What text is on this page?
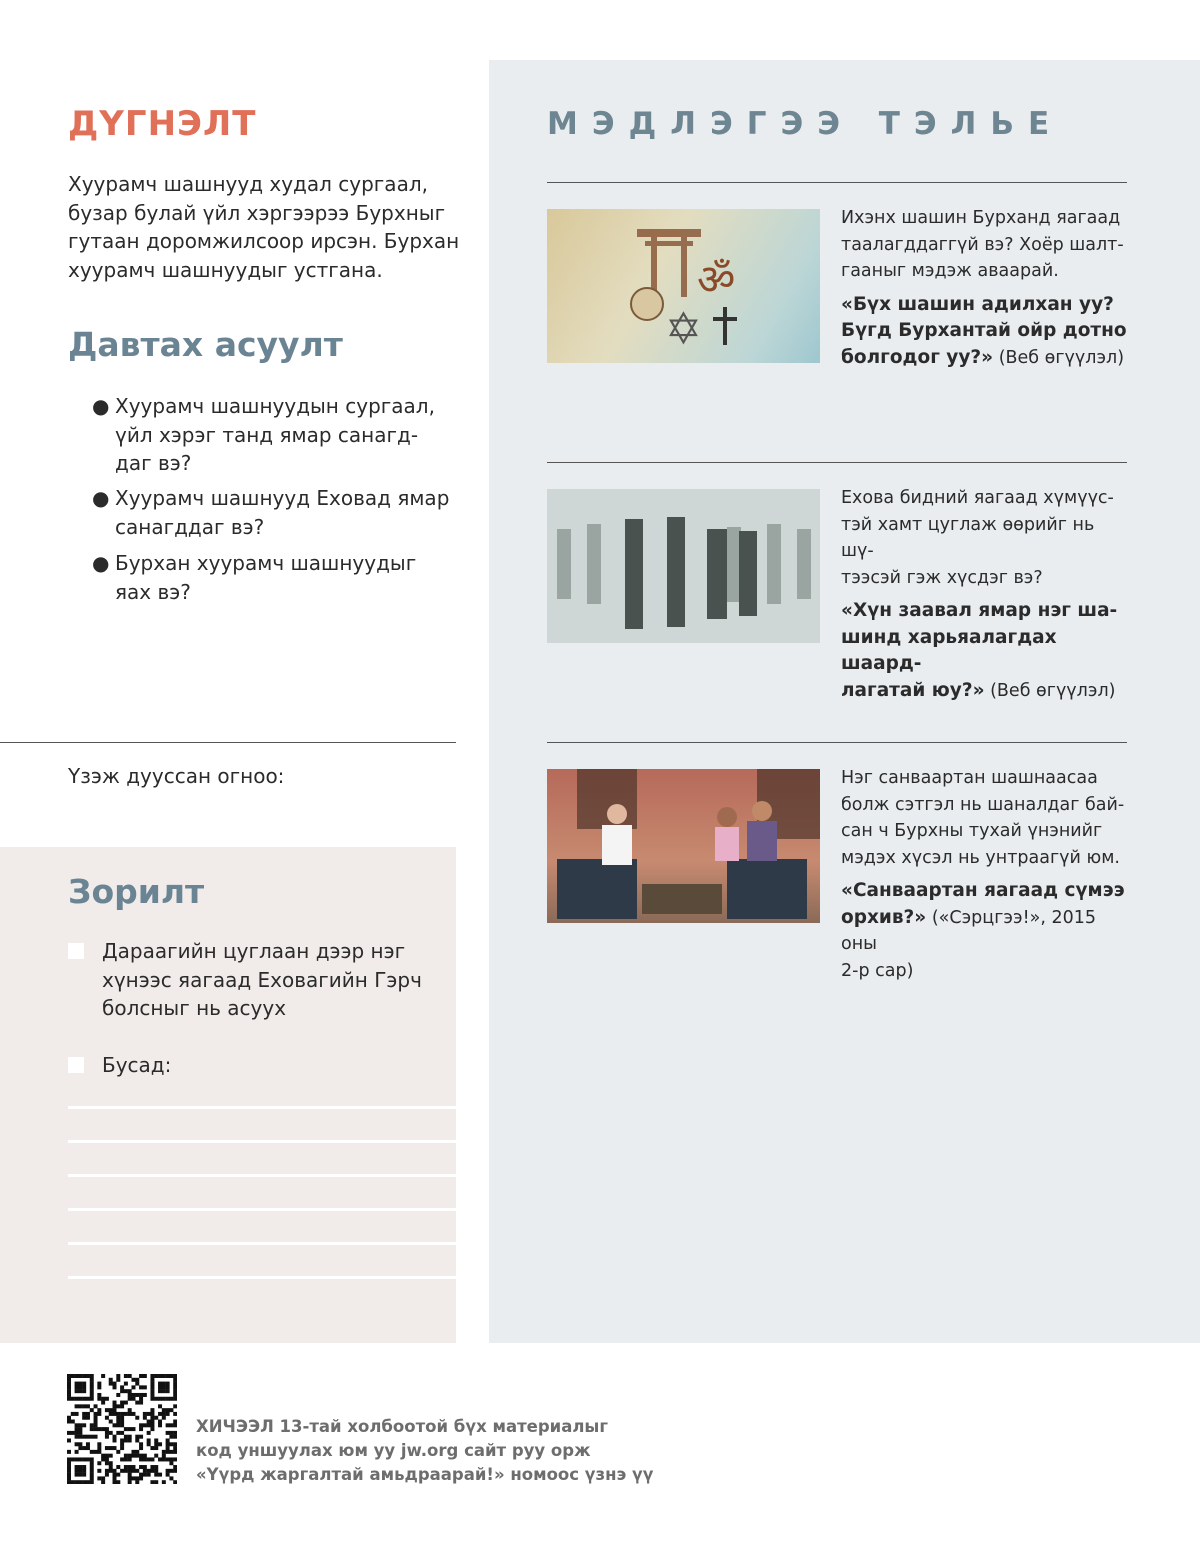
ДҮГНЭЛТ
Хуурамч шашнууд худал сургаал,
бузар булай үйл хэргээрээ Бурхныг
гутаан доромжилсоор ирсэн. Бурхан
хуурамч шашнуудыг устгана.
Давтах асуулт
● Хуурамч шашнуудын сургаал,
үйл хэрэг танд ямар санагд-
даг вэ?
● Хуурамч шашнууд Еховад ямар
санагддаг вэ?
● Бурхан хуурамч шашнуудыг
яах вэ?
Үзэж дууссан огноо:
Зорилт
Дараагийн цуглаан дээр нэг
хүнээс яагаад Еховагийн Гэрч
болсныг нь асуух
Бусад:
МЭДЛЭГЭЭ ТЭЛЬЕ
ॐ
✡
Ихэнх шашин Бурханд яагаад
таалагддаггүй вэ? Хоёр шалт-
гааныг мэдэж аваарай.
«Бүх шашин адилхан уу?
Бүгд Бурхантай ойр дотно
болгодог уу?» (Веб өгүүлэл)
Ехова бидний яагаад хүмүүс-
тэй хамт цуглаж өөрийг нь шү-
тээсэй гэж хүсдэг вэ?
«Хүн заавал ямар нэг ша-
шинд харьяалагдах шаард-
лагатай юу?» (Веб өгүүлэл)
Нэг санваартан шашнаасаа
болж сэтгэл нь шаналдаг бай-
сан ч Бурхны тухай үнэнийг
мэдэх хүсэл нь унтраагүй юм.
«Санваартан яагаад сүмээ
орхив?» («Сэрцгээ!», 2015 оны
2-р сар)
ХИЧЭЭЛ 13-тай холбоотой бүх материалыг
код уншуулах юм уу jw.org сайт руу орж
«Үүрд жаргалтай амьдраарай!» номоос үзнэ үү
